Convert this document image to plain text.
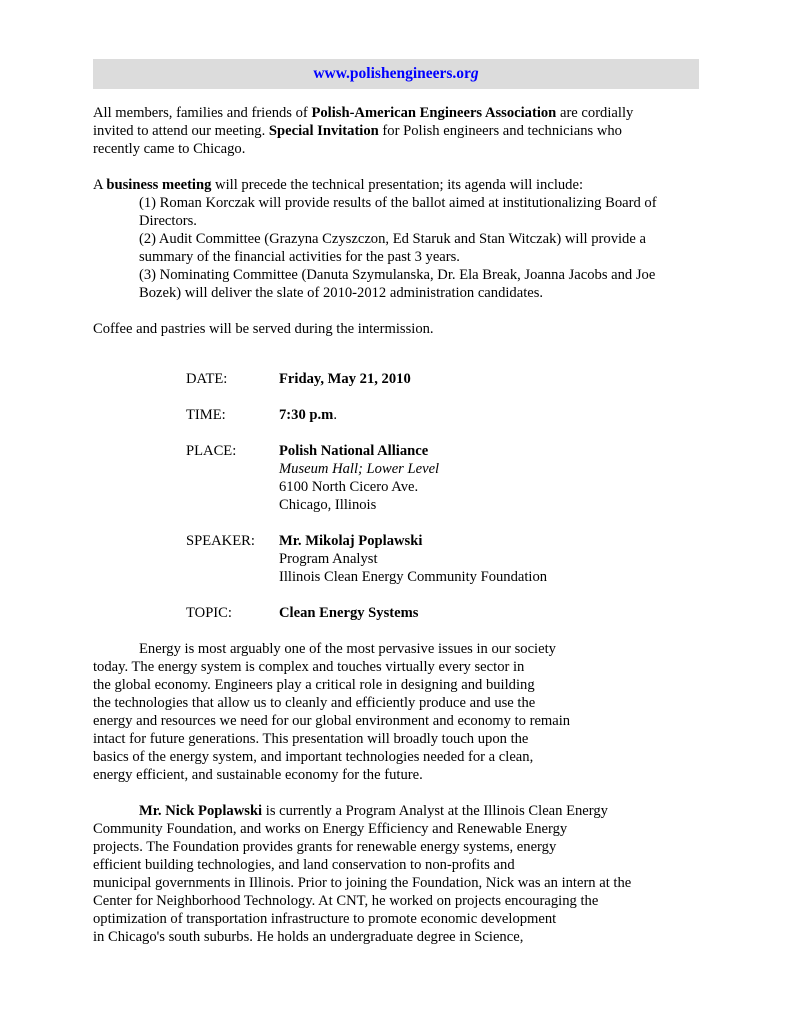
www.polishengineers.org
All members, families and friends of Polish-American Engineers Association are cordially
invited to attend our meeting. Special Invitation for Polish engineers and technicians who
recently came to Chicago.
A business meeting will precede the technical presentation; its agenda will include:
(1) Roman Korczak will provide results of the ballot aimed at institutionalizing Board of
Directors.
(2) Audit Committee (Grazyna Czyszczon, Ed Staruk and Stan Witczak) will provide a
summary of the financial activities for the past 3 years.
(3) Nominating Committee (Danuta Szymulanska, Dr. Ela Break, Joanna Jacobs and Joe
Bozek) will deliver the slate of 2010-2012 administration candidates.
Coffee and pastries will be served during the intermission.
DATE:	Friday, May 21, 2010
TIME:	7:30 p.m.
PLACE:	Polish National Alliance
Museum Hall; Lower Level
6100 North Cicero Ave.
Chicago, Illinois
SPEAKER:	Mr. Mikolaj Poplawski
Program Analyst
Illinois Clean Energy Community Foundation
TOPIC:	Clean Energy Systems
Energy is most arguably one of the most pervasive issues in our society
today. The energy system is complex and touches virtually every sector in
the global economy. Engineers play a critical role in designing and building
the technologies that allow us to cleanly and efficiently produce and use the
energy and resources we need for our global environment and economy to remain
intact for future generations. This presentation will broadly touch upon the
basics of the energy system, and important technologies needed for a clean,
energy efficient, and sustainable economy for the future.
Mr. Nick Poplawski is currently a Program Analyst at the Illinois Clean Energy
Community Foundation, and works on Energy Efficiency and Renewable Energy
projects. The Foundation provides grants for renewable energy systems, energy
efficient building technologies, and land conservation to non-profits and
municipal governments in Illinois. Prior to joining the Foundation, Nick was an intern at the
Center for Neighborhood Technology. At CNT, he worked on projects encouraging the
optimization of transportation infrastructure to promote economic development
in Chicago's south suburbs. He holds an undergraduate degree in Science,
